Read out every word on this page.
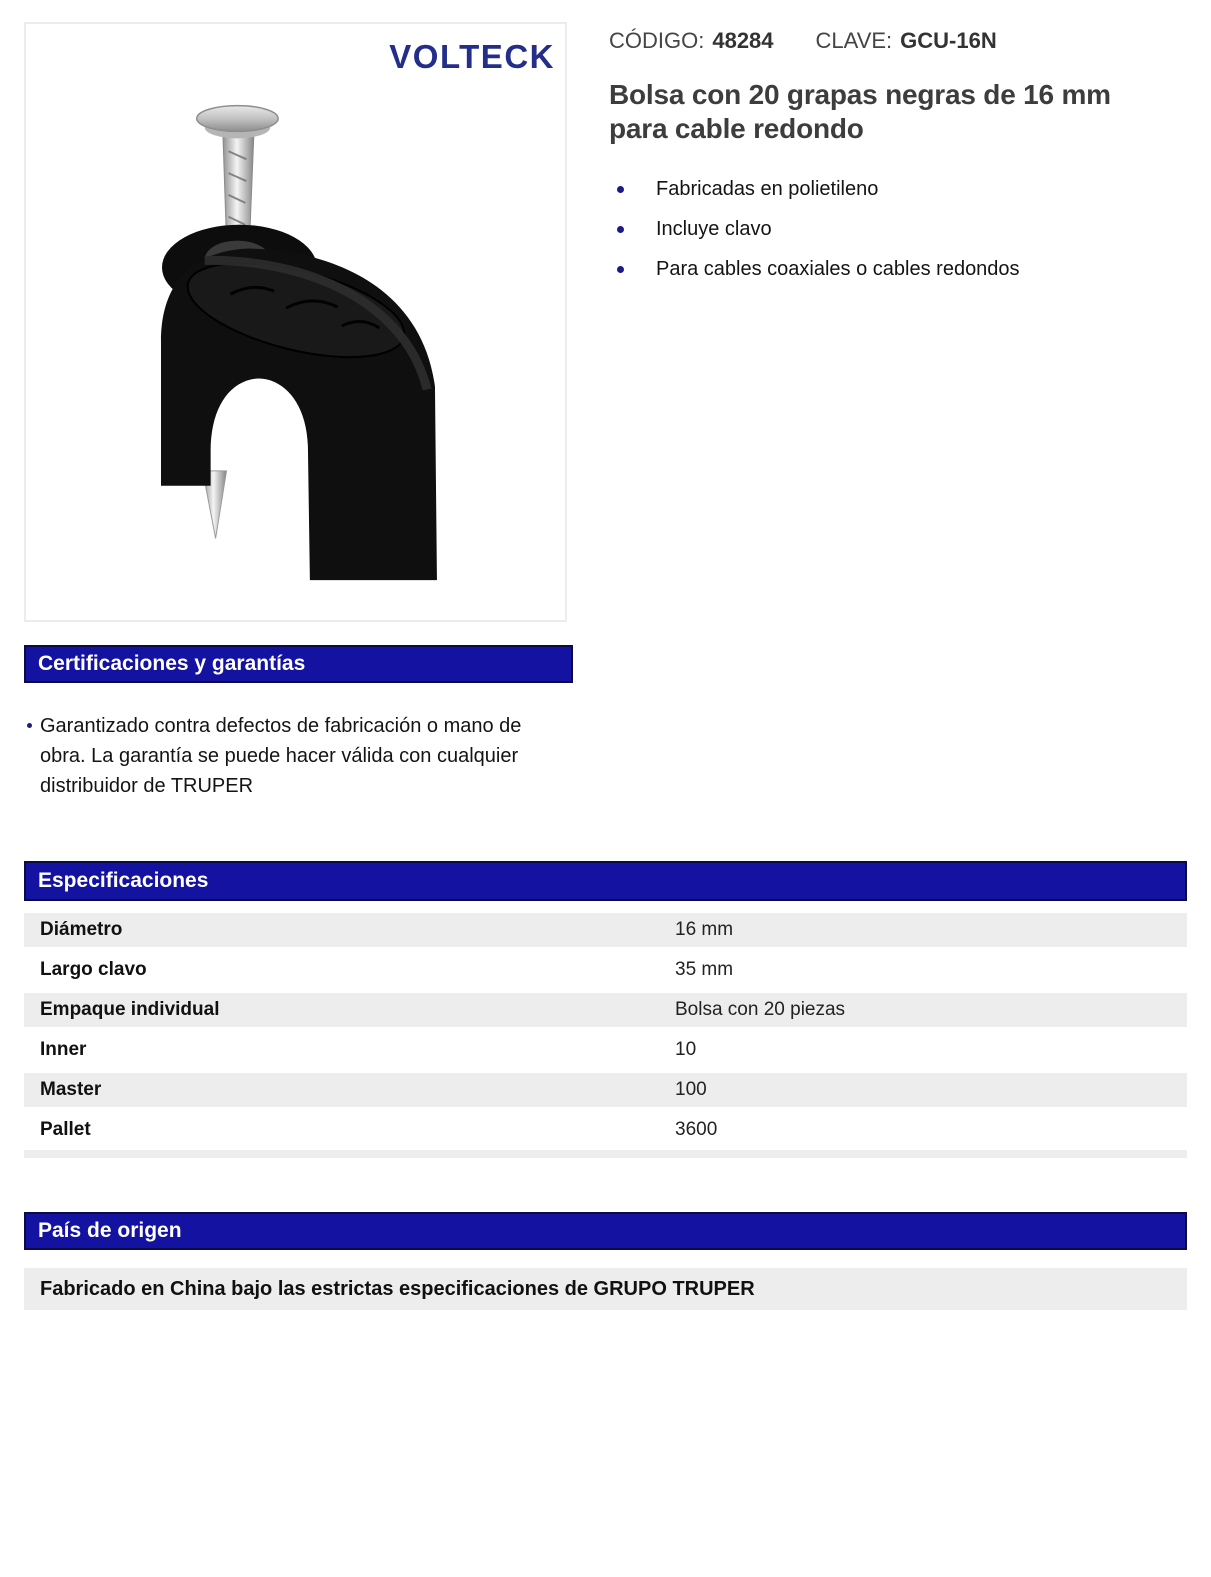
VOLTECK CÓDIGO: 48284 CLAVE: GCU-16N
Bolsa con 20 grapas negras de 16 mm para cable redondo
Fabricadas en polietileno
Incluye clavo
Para cables coaxiales o cables redondos
Certificaciones y garantías
Garantizado contra defectos de fabricación o mano de obra. La garantía se puede hacer válida con cualquier distribuidor de TRUPER
Especificaciones
Diámetro	16 mm
Largo clavo	35 mm
Empaque individual	Bolsa con 20 piezas
Inner	10
Master	100
Pallet	3600
País de origen
Fabricado en China bajo las estrictas especificaciones de GRUPO TRUPER
